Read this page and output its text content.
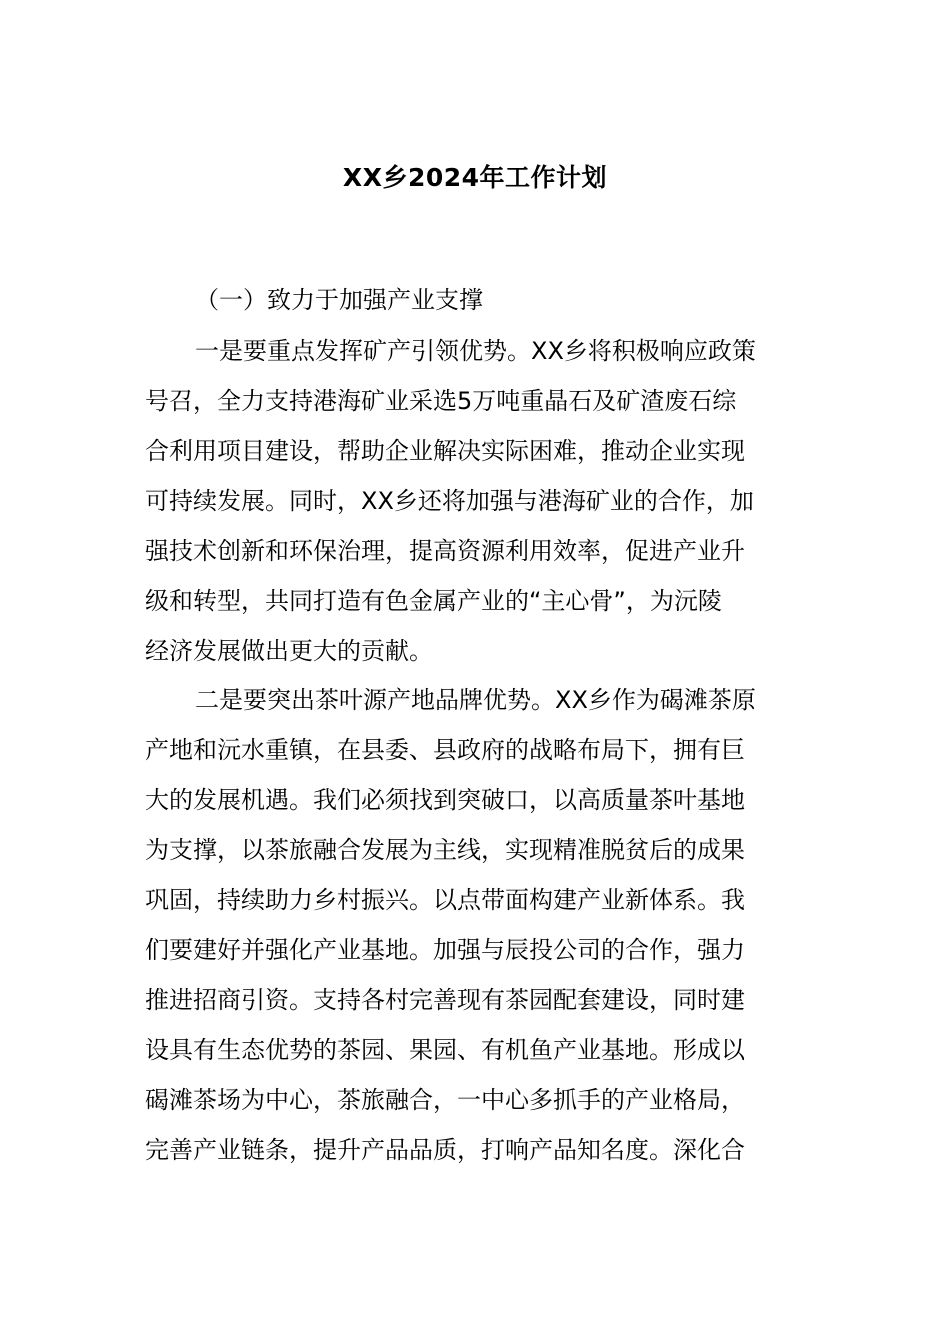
XX乡2024年工作计划
（一）致力于加强产业支撑
一是要重点发挥矿产引领优势。XX乡将积极响应政策
号召，全力支持港海矿业采选5万吨重晶石及矿渣废石综
合利用项目建设，帮助企业解决实际困难，推动企业实现
可持续发展。同时，XX乡还将加强与港海矿业的合作，加
强技术创新和环保治理，提高资源利用效率，促进产业升
级和转型，共同打造有色金属产业的“主心骨”，为沅陵
经济发展做出更大的贡献。
二是要突出茶叶源产地品牌优势。XX乡作为碣滩茶原
产地和沅水重镇，在县委、县政府的战略布局下，拥有巨
大的发展机遇。我们必须找到突破口，以高质量茶叶基地
为支撑，以茶旅融合发展为主线，实现精准脱贫后的成果
巩固，持续助力乡村振兴。以点带面构建产业新体系。我
们要建好并强化产业基地。加强与辰投公司的合作，强力
推进招商引资。支持各村完善现有茶园配套建设，同时建
设具有生态优势的茶园、果园、有机鱼产业基地。形成以
碣滩茶场为中心，茶旅融合，一中心多抓手的产业格局，
完善产业链条，提升产品品质，打响产品知名度。深化合
